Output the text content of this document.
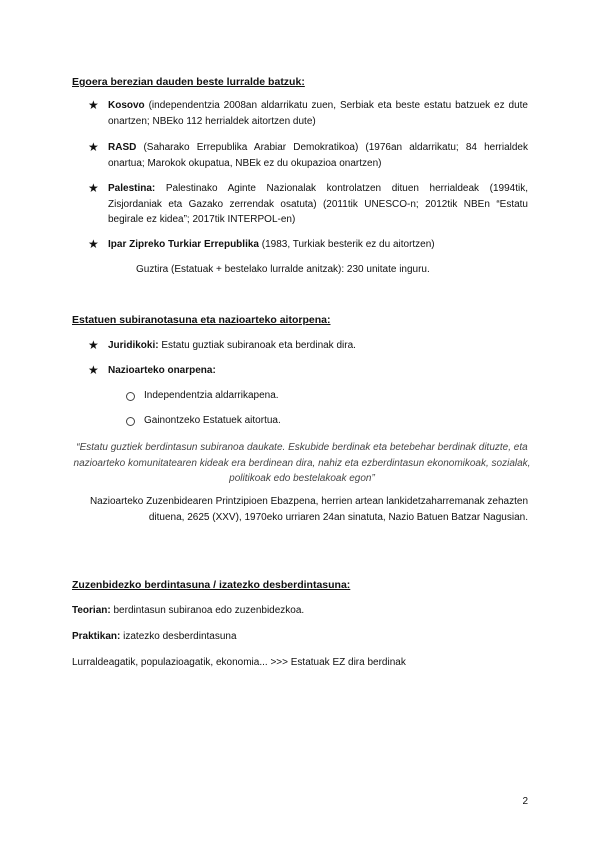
Egoera berezian dauden beste lurralde batzuk:
★ Kosovo (independentzia 2008an aldarrikatu zuen, Serbiak eta beste estatu batzuek ez dute onartzen; NBEko 112 herrialdek aitortzen dute)
★ RASD (Saharako Errepublika Arabiar Demokratikoa) (1976an aldarrikatu; 84 herrialdek onartua; Marokok okupatua, NBEk ez du okupazioa onartzen)
★ Palestina: Palestinako Aginte Nazionalak kontrolatzen dituen herrialdeak (1994tik, Zisjordaniak eta Gazako zerrendak osatuta) (2011tik UNESCO-n; 2012tik NBEn “Estatu begirale ez kidea”; 2017tik INTERPOL-en)
★ Ipar Zipreko Turkiar Errepublika (1983, Turkiak besterik ez du aitortzen)
Guztira (Estatuak + bestelako lurralde anitzak): 230 unitate inguru.
Estatuen subiranotasuna eta nazioarteko aitorpena:
★ Juridikoki: Estatu guztiak subiranoak eta berdinak dira.
★ Nazioarteko onarpena:
Independentzia aldarrikapena.
Gainontzeko Estatuek aitortua.
“Estatu guztiek berdintasun subiranoa daukate. Eskubide berdinak eta betebehar berdinak dituzte, eta nazioarteko komunitatearen kideak era berdinean dira, nahiz eta ezberdintasun ekonomikoak, sozialak, politikoak edo bestelakoak egon”
Nazioarteko Zuzenbidearen Printzipioen Ebazpena, herrien artean lankidetzaharremanak zehazten dituena, 2625 (XXV), 1970eko urriaren 24an sinatuta, Nazio Batuen Batzar Nagusian.
Zuzenbidezko berdintasuna / izatezko desberdintasuna:
Teorian: berdintasun subiranoa edo zuzenbidezkoa.
Praktikan: izatezko desberdintasuna
Lurraldeagatik, populazioagatik, ekonomia... >>> Estatuak EZ dira berdinak
2
